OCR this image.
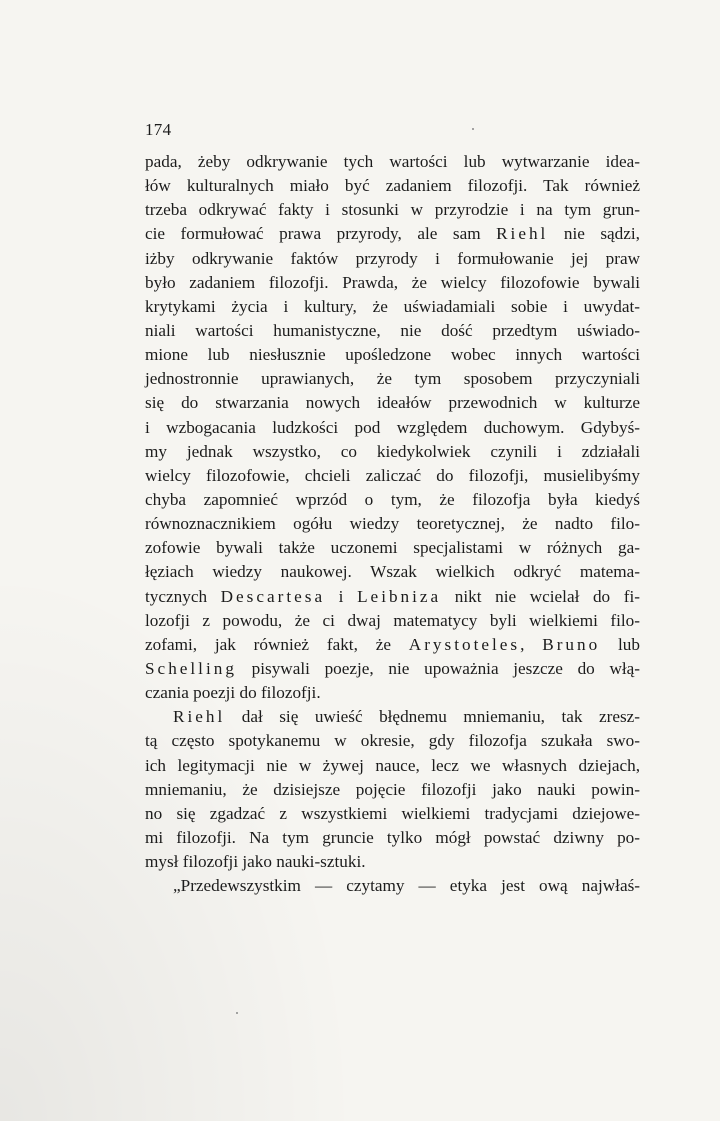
174
pada, żeby odkrywanie tych wartości lub wytwarzanie idea-
łów kulturalnych miało być zadaniem filozofji. Tak również
trzeba odkrywać fakty i stosunki w przyrodzie i na tym grun-
cie formułować prawa przyrody, ale sam Riehl nie sądzi,
iżby odkrywanie faktów przyrody i formułowanie jej praw
było zadaniem filozofji. Prawda, że wielcy filozofowie bywali
krytykami życia i kultury, że uświadamiali sobie i uwydat-
niali wartości humanistyczne, nie dość przedtym uświado-
mione lub niesłusznie upośledzone wobec innych wartości
jednostronnie uprawianych, że tym sposobem przyczyniali
się do stwarzania nowych ideałów przewodnich w kulturze
i wzbogacania ludzkości pod względem duchowym. Gdybyś-
my jednak wszystko, co kiedykolwiek czynili i zdziałali
wielcy filozofowie, chcieli zaliczać do filozofji, musielibyśmy
chyba zapomnieć wprzód o tym, że filozofja była kiedyś
równoznacznikiem ogółu wiedzy teoretycznej, że nadto filo-
zofowie bywali także uczonemi specjalistami w różnych ga-
łęziach wiedzy naukowej. Wszak wielkich odkryć matema-
tycznych Descartesa i Leibniza nikt nie wcielał do fi-
lozofji z powodu, że ci dwaj matematycy byli wielkiemi filo-
zofami, jak również fakt, że Arystoteles, Bruno lub
Schelling pisywali poezje, nie upoważnia jeszcze do włą-
czania poezji do filozofji.
Riehl dał się uwieść błędnemu mniemaniu, tak zresz-
tą często spotykanemu w okresie, gdy filozofja szukała swo-
ich legitymacji nie w żywej nauce, lecz we własnych dziejach,
mniemaniu, że dzisiejsze pojęcie filozofji jako nauki powin-
no się zgadzać z wszystkiemi wielkiemi tradycjami dziejowe-
mi filozofji. Na tym gruncie tylko mógł powstać dziwny po-
mysł filozofji jako nauki-sztuki.
„Przedewszystkim — czytamy — etyka jest ową najwłaś-
